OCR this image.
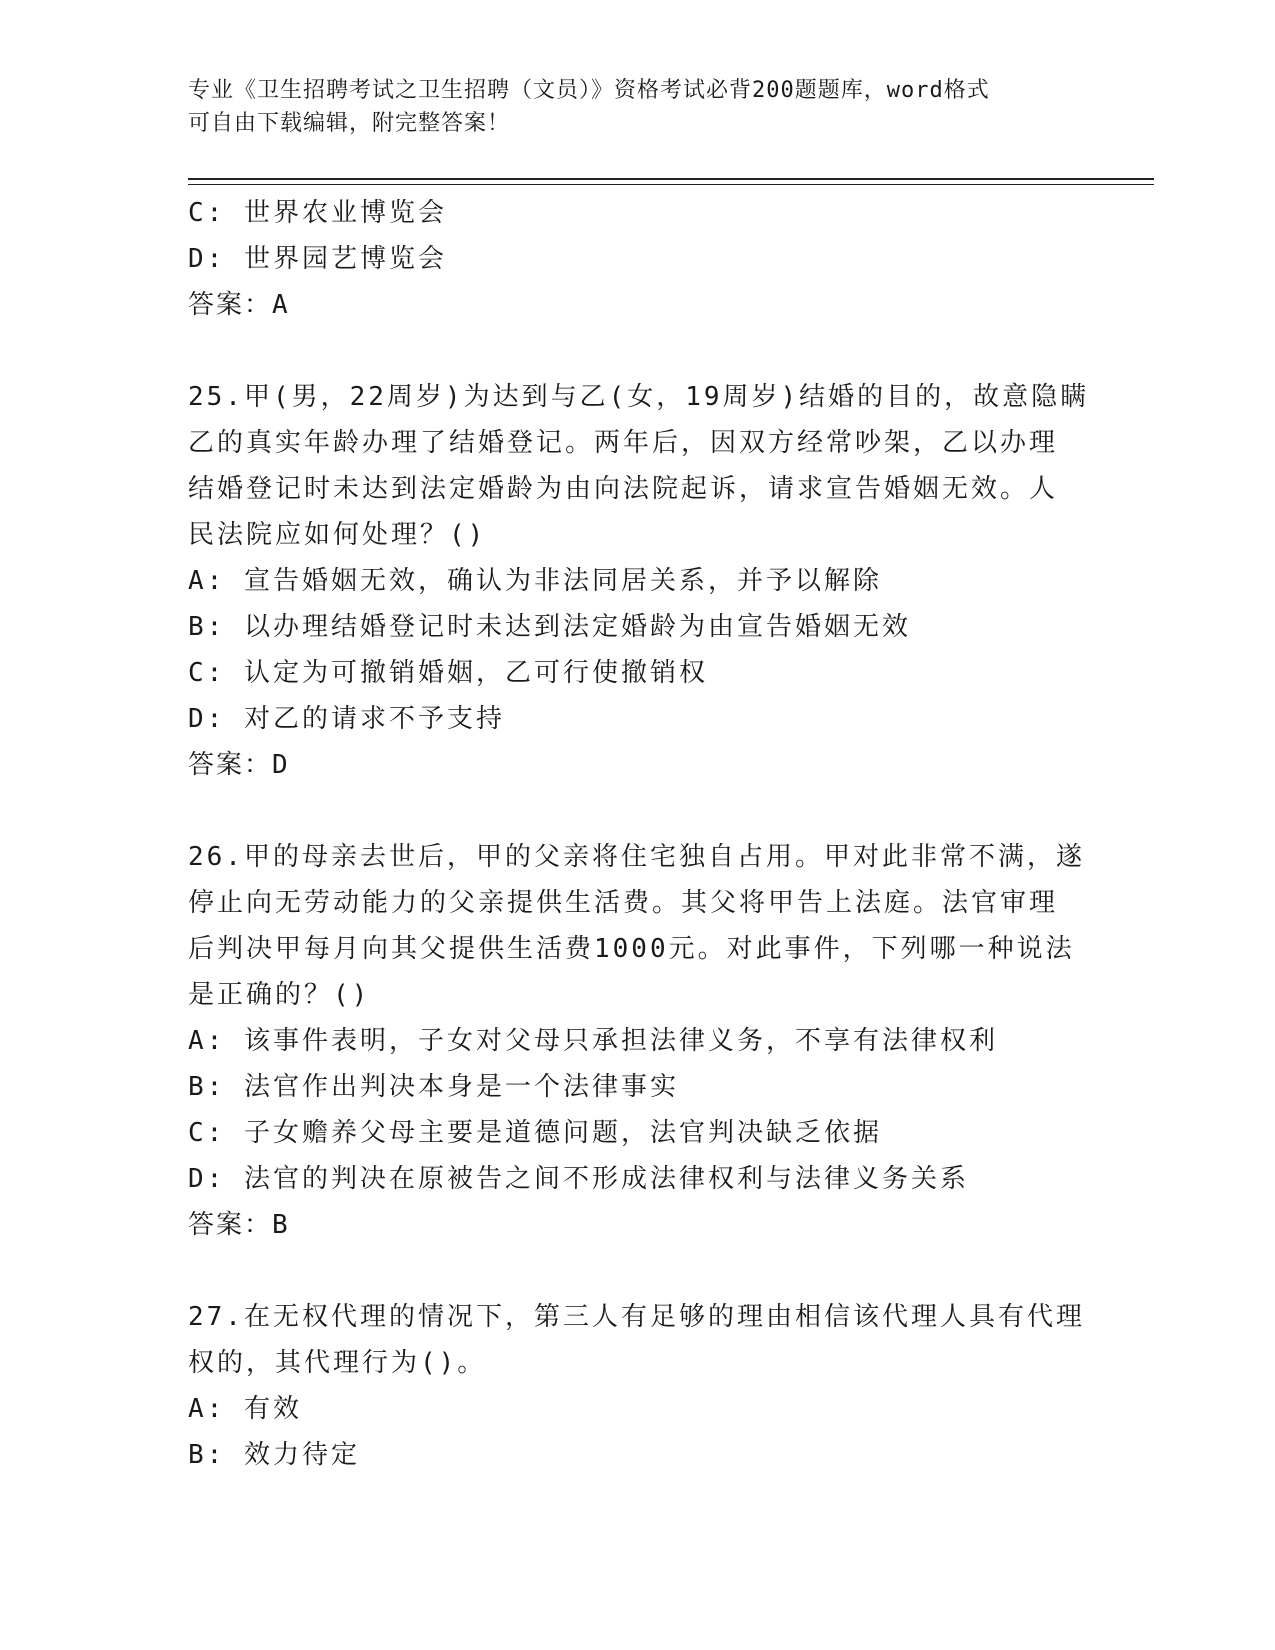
专业《卫生招聘考试之卫生招聘（文员）》资格考试必背200题题库，word格式
可自由下载编辑，附完整答案！
C: 世界农业博览会
D: 世界园艺博览会
答案：A
25.甲(男，22周岁)为达到与乙(女，19周岁)结婚的目的，故意隐瞒
乙的真实年龄办理了结婚登记。两年后，因双方经常吵架，乙以办理
结婚登记时未达到法定婚龄为由向法院起诉，请求宣告婚姻无效。人
民法院应如何处理？()
A: 宣告婚姻无效，确认为非法同居关系，并予以解除
B: 以办理结婚登记时未达到法定婚龄为由宣告婚姻无效
C: 认定为可撤销婚姻，乙可行使撤销权
D: 对乙的请求不予支持
答案：D
26.甲的母亲去世后，甲的父亲将住宅独自占用。甲对此非常不满，遂
停止向无劳动能力的父亲提供生活费。其父将甲告上法庭。法官审理
后判决甲每月向其父提供生活费1000元。对此事件，下列哪一种说法
是正确的？()
A: 该事件表明，子女对父母只承担法律义务，不享有法律权利
B: 法官作出判决本身是一个法律事实
C: 子女赡养父母主要是道德问题，法官判决缺乏依据
D: 法官的判决在原被告之间不形成法律权利与法律义务关系
答案：B
27.在无权代理的情况下，第三人有足够的理由相信该代理人具有代理
权的，其代理行为()。
A: 有效
B: 效力待定
